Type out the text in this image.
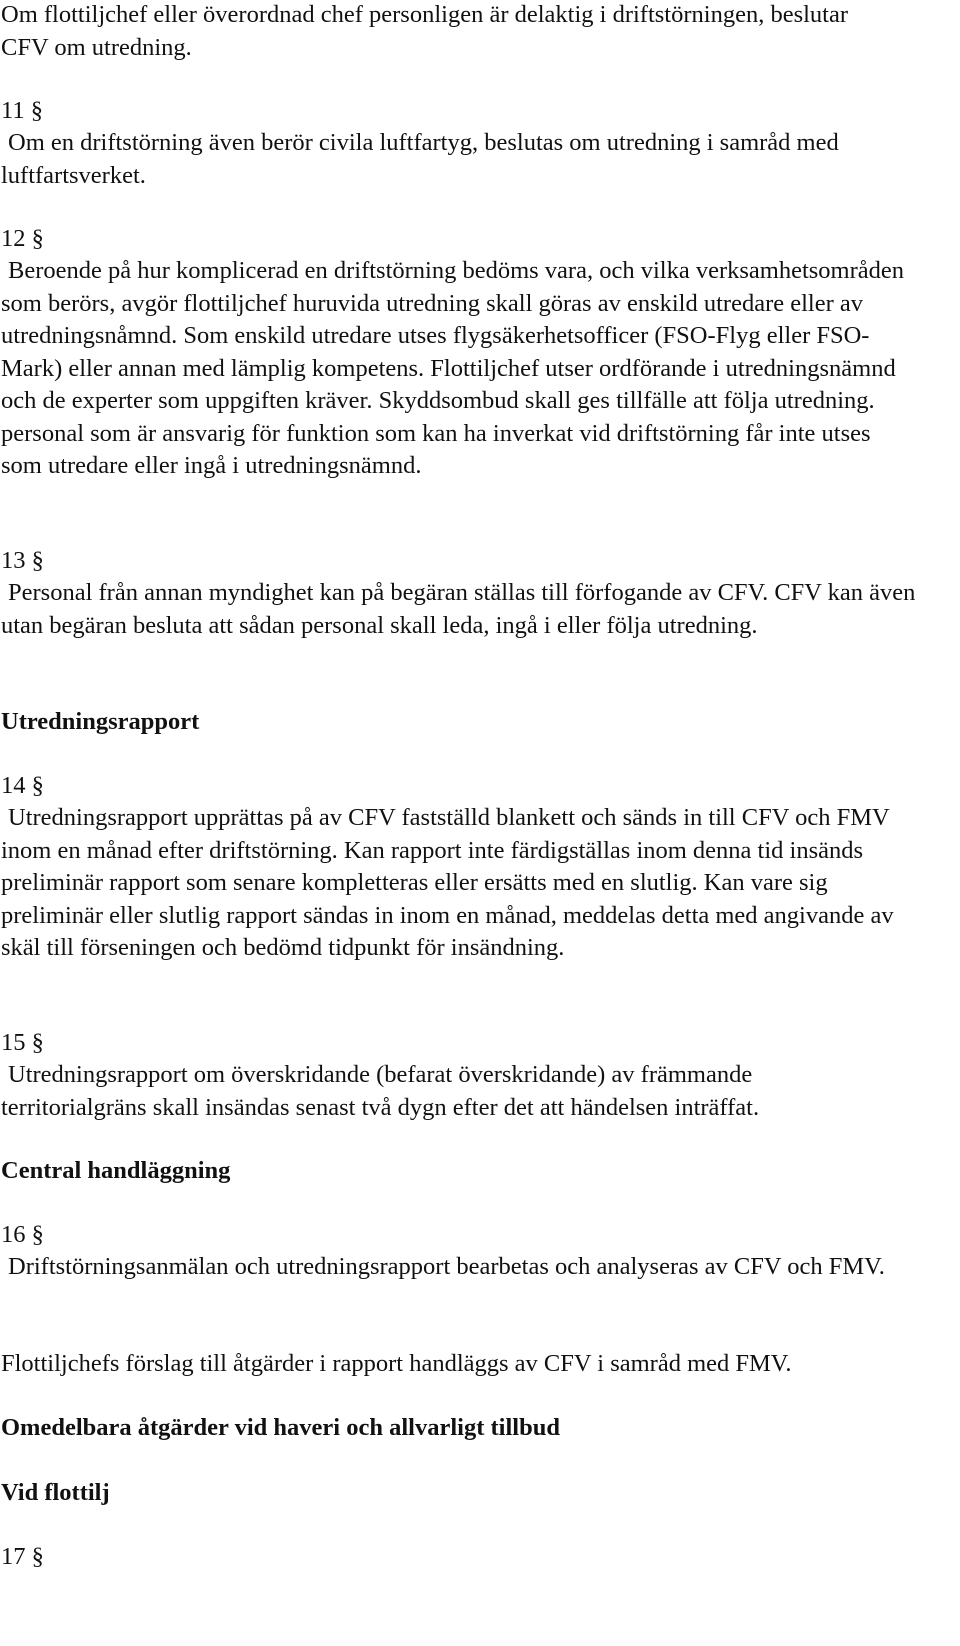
Om flottiljchef eller överordnad chef personligen är delaktig i driftstörningen, beslutar CFV om utredning.

11 §

Om en driftstörning även berör civila luftfartyg, beslutas om utredning i samråd med luftfartsverket.

12 §

Beroende på hur komplicerad en driftstörning bedöms vara, och vilka verksamhetsområden som berörs, avgör flottiljchef huruvida utredning skall göras av enskild utredare eller av utredningsnåmnd. Som enskild utredare utses flygsäkerhetsofficer (FSO-Flyg eller FSO-Mark) eller annan med lämplig kompetens. Flottiljchef utser ordförande i utredningsnämnd och de experter som uppgiften kräver. Skyddsombud skall ges tillfälle att följa utredning. personal som är ansvarig för funktion som kan ha inverkat vid driftstörning får inte utses som utredare eller ingå i utredningsnämnd.

13 §

Personal från annan myndighet kan på begäran ställas till förfogande av CFV. CFV kan även utan begäran besluta att sådan personal skall leda, ingå i eller följa utredning.

Utredningsrapport

14 §

Utredningsrapport upprättas på av CFV fastställd blankett och sänds in till CFV och FMV inom en månad efter driftstörning. Kan rapport inte färdigställas inom denna tid insänds preliminär rapport som senare kompletteras eller ersätts med en slutlig. Kan vare sig preliminär eller slutlig rapport sändas in inom en månad, meddelas detta med angivande av skäl till förseningen och bedömd tidpunkt för insändning.

15 §

Utredningsrapport om överskridande (befarat överskridande) av främmande territorialgräns skall insändas senast två dygn efter det att händelsen inträffat.

Central handläggning

16 §

Driftstörningsanmälan och utredningsrapport bearbetas och analyseras av CFV och FMV.

Flottiljchefs förslag till åtgärder i rapport handläggs av CFV i samråd med FMV.

Omedelbara åtgärder vid haveri och allvarligt tillbud

Vid flottilj

17 §
